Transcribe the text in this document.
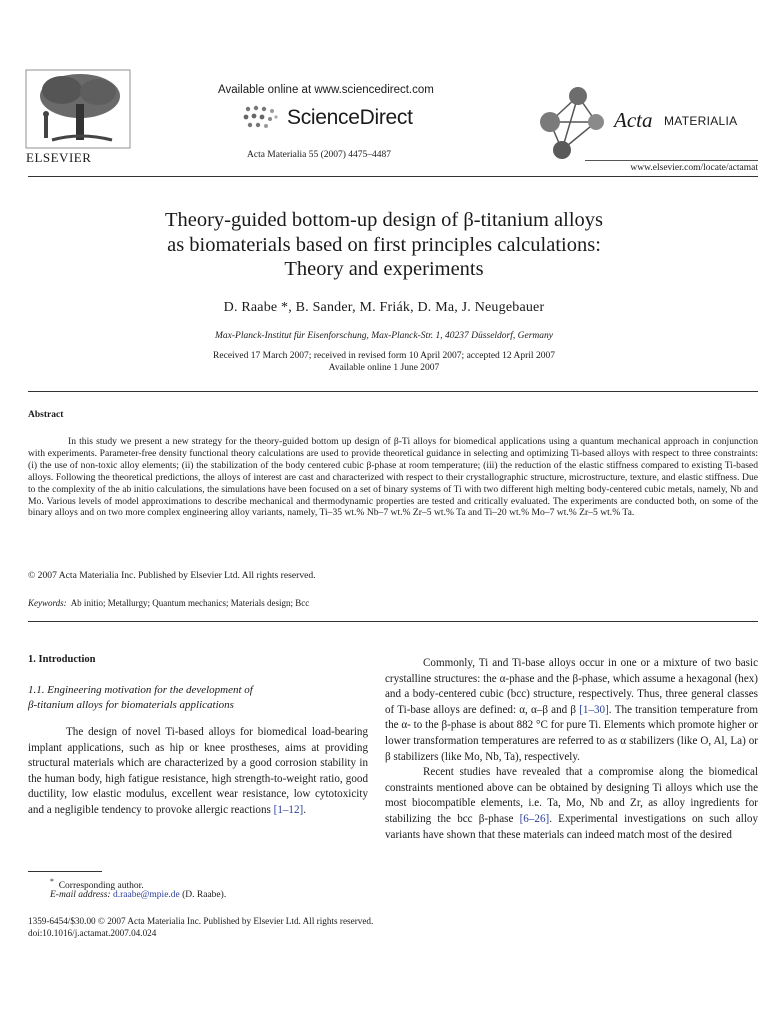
ELSEVIER
Available online at www.sciencedirect.com
ScienceDirect
Acta Materialia 55 (2007) 4475–4487
Acta MATERIALIA
www.elsevier.com/locate/actamat
Theory-guided bottom-up design of β-titanium alloys
as biomaterials based on first principles calculations:
Theory and experiments
D. Raabe *, B. Sander, M. Friák, D. Ma, J. Neugebauer
Max-Planck-Institut für Eisenforschung, Max-Planck-Str. 1, 40237 Düsseldorf, Germany
Received 17 March 2007; received in revised form 10 April 2007; accepted 12 April 2007
Available online 1 June 2007
Abstract
In this study we present a new strategy for the theory-guided bottom up design of β-Ti alloys for biomedical applications using a quantum mechanical approach in conjunction with experiments. Parameter-free density functional theory calculations are used to provide theoretical guidance in selecting and optimizing Ti-based alloys with respect to three constraints: (i) the use of non-toxic alloy elements; (ii) the stabilization of the body centered cubic β-phase at room temperature; (iii) the reduction of the elastic stiffness compared to existing Ti-based alloys. Following the theoretical predictions, the alloys of interest are cast and characterized with respect to their crystallographic structure, microstructure, texture, and elastic stiffness. Due to the complexity of the ab initio calculations, the simulations have been focused on a set of binary systems of Ti with two different high melting body-centered cubic metals, namely, Nb and Mo. Various levels of model approximations to describe mechanical and thermodynamic properties are tested and critically evaluated. The experiments are conducted both, on some of the binary alloys and on two more complex engineering alloy variants, namely, Ti–35 wt.% Nb–7 wt.% Zr–5 wt.% Ta and Ti–20 wt.% Mo–7 wt.% Zr–5 wt.% Ta.
© 2007 Acta Materialia Inc. Published by Elsevier Ltd. All rights reserved.
Keywords: Ab initio; Metallurgy; Quantum mechanics; Materials design; Bcc
1. Introduction
1.1. Engineering motivation for the development of
β-titanium alloys for biomaterials applications

The design of novel Ti-based alloys for biomedical load-bearing implant applications, such as hip or knee prostheses, aims at providing structural materials which are characterized by a good corrosion stability in the human body, high fatigue resistance, high strength-to-weight ratio, good ductility, low elastic modulus, excellent wear resistance, low cytotoxicity and a negligible tendency to provoke allergic reactions [1–12].

Commonly, Ti and Ti-base alloys occur in one or a mixture of two basic crystalline structures: the α-phase and the β-phase, which assume a hexagonal (hex) and a body-centered cubic (bcc) structure, respectively. Thus, three general classes of Ti-base alloys are defined: α, α–β and β [1–30]. The transition temperature from the α- to the β-phase is about 882 °C for pure Ti. Elements which promote higher or lower transformation temperatures are referred to as α stabilizers (like O, Al, La) or β stabilizers (like Mo, Nb, Ta), respectively.

Recent studies have revealed that a compromise along the biomedical constraints mentioned above can be obtained by designing Ti alloys which use the most biocompatible elements, i.e. Ta, Mo, Nb and Zr, as alloy ingredients for stabilizing the bcc β-phase [6–26]. Experimental investigations on such alloy variants have shown that these materials can indeed match most of the desired

* Corresponding author.
E-mail address: d.raabe@mpie.de (D. Raabe).
1359-6454/$30.00 © 2007 Acta Materialia Inc. Published by Elsevier Ltd. All rights reserved.
doi:10.1016/j.actamat.2007.04.024
